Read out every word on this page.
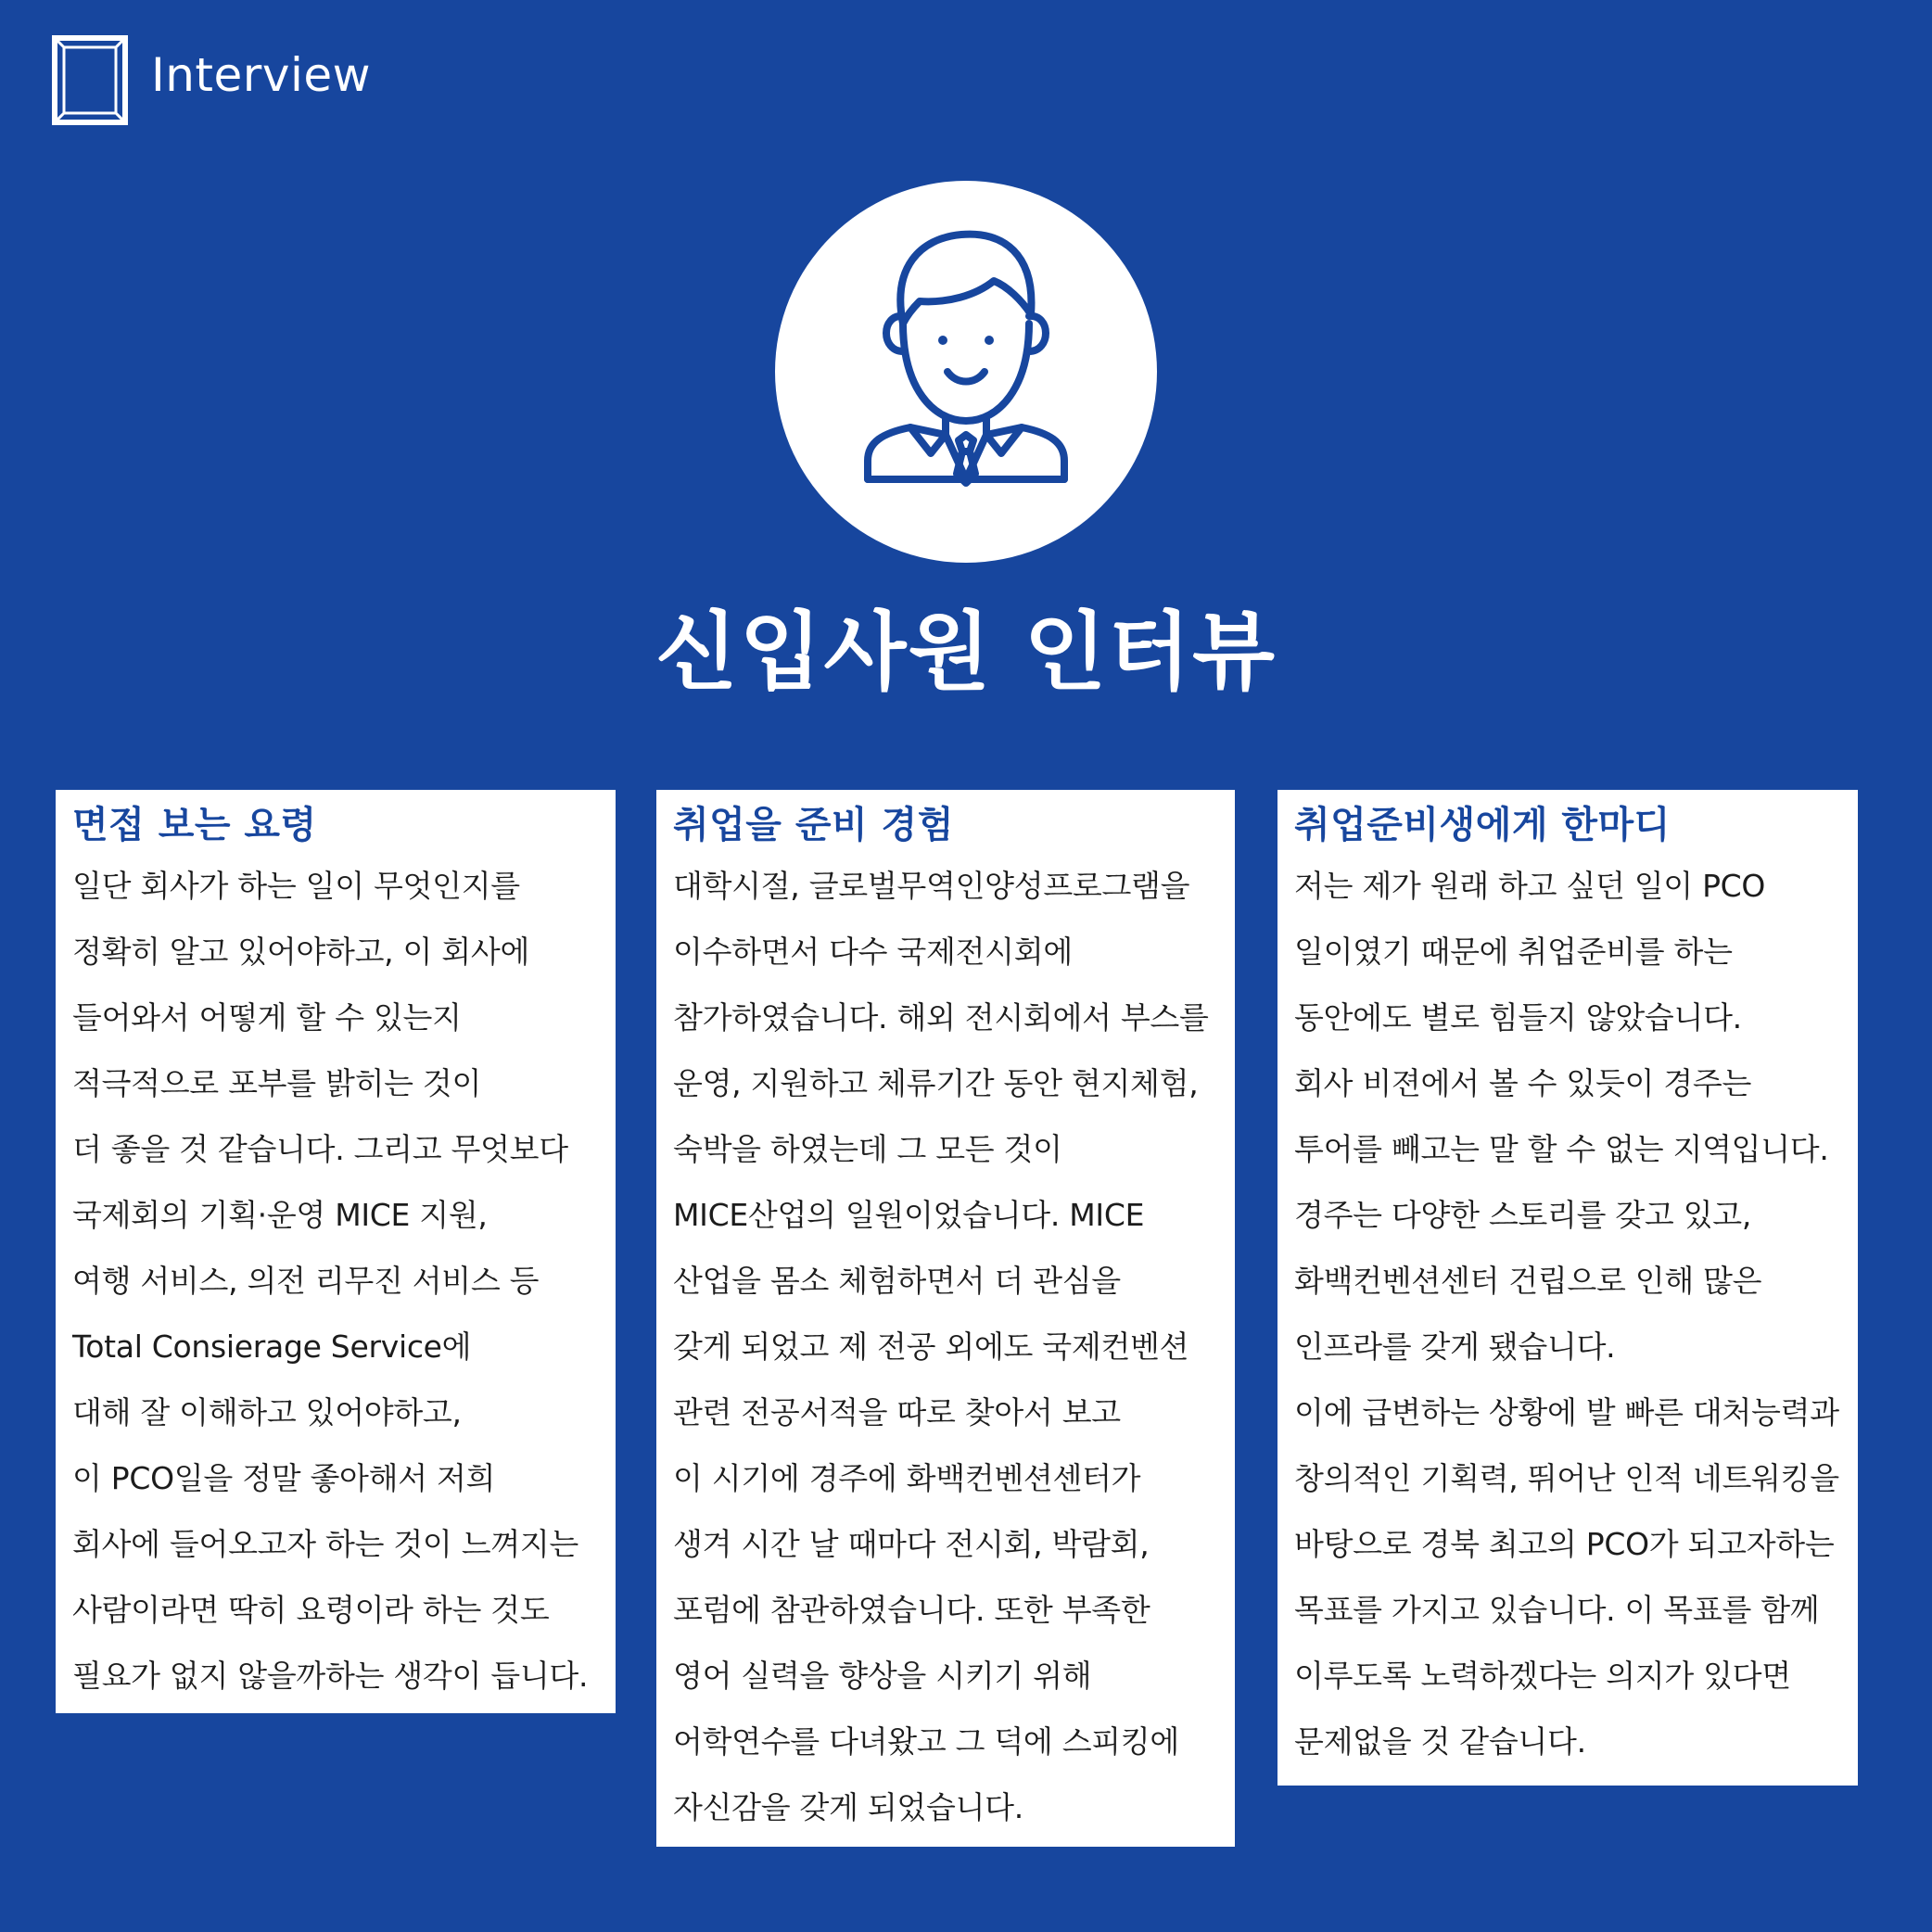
Interview
신입사원 인터뷰
면접 보는 요령
일단 회사가 하는 일이 무엇인지를
정확히 알고 있어야하고, 이 회사에
들어와서 어떻게 할 수 있는지
적극적으로 포부를 밝히는 것이
더 좋을 것 같습니다. 그리고 무엇보다
국제회의 기획·운영 MICE 지원,
여행 서비스, 의전 리무진 서비스 등
Total Consierage Service에
대해 잘 이해하고 있어야하고,
이 PCO일을 정말 좋아해서 저희
회사에 들어오고자 하는 것이 느껴지는
사람이라면 딱히 요령이라 하는 것도
필요가 없지 않을까하는 생각이 듭니다.
취업을 준비 경험
대학시절, 글로벌무역인양성프로그램을
이수하면서 다수 국제전시회에
참가하였습니다. 해외 전시회에서 부스를
운영, 지원하고 체류기간 동안 현지체험,
숙박을 하였는데 그 모든 것이
MICE산업의 일원이었습니다. MICE
산업을 몸소 체험하면서 더 관심을
갖게 되었고 제 전공 외에도 국제컨벤션
관련 전공서적을 따로 찾아서 보고
이 시기에 경주에 화백컨벤션센터가
생겨 시간 날 때마다 전시회, 박람회,
포럼에 참관하였습니다. 또한 부족한
영어 실력을 향상을 시키기 위해
어학연수를 다녀왔고 그 덕에 스피킹에
자신감을 갖게 되었습니다.
취업준비생에게 한마디
저는 제가 원래 하고 싶던 일이 PCO
일이였기 때문에 취업준비를 하는
동안에도 별로 힘들지 않았습니다.
회사 비젼에서 볼 수 있듯이 경주는
투어를 빼고는 말 할 수 없는 지역입니다.
경주는 다양한 스토리를 갖고 있고,
화백컨벤션센터 건립으로 인해 많은
인프라를 갖게 됐습니다.
이에 급변하는 상황에 발 빠른 대처능력과
창의적인 기획력, 뛰어난 인적 네트워킹을
바탕으로 경북 최고의 PCO가 되고자하는
목표를 가지고 있습니다. 이 목표를 함께
이루도록 노력하겠다는 의지가 있다면
문제없을 것 같습니다.
